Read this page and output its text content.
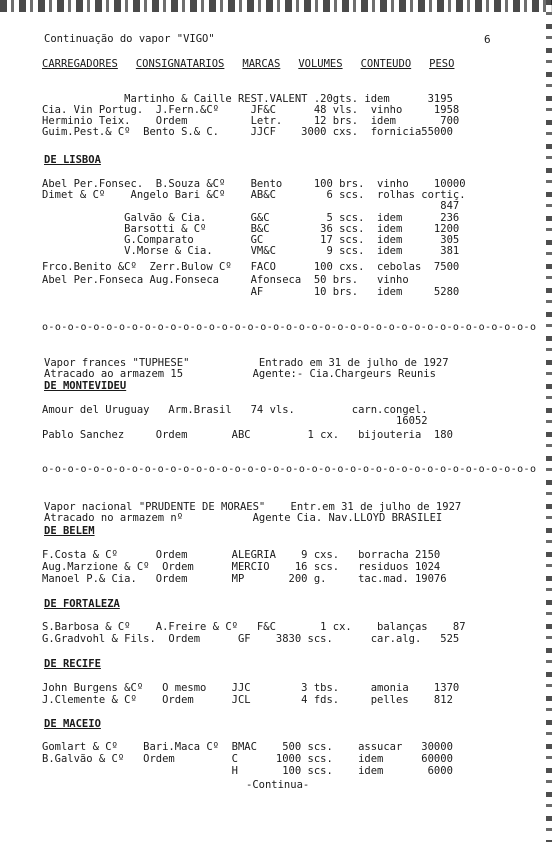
Continuação do vapor "VIGO"	6
CARREGADORES CONSIGNATARIOS MARCAS VOLUMES CONTEUDO PESO
Martinho & Caille REST.VALENT .20gts. idem      3195
Cia. Vin Portug.  J.Fern.&Cº     JF&C      48 vls.  vinho     1958
Herminio Teix.    Ordem          Letr.     12 brs.  idem       700
Guim.Pest.& Cº  Bento S.& C.     JJCF    3000 cxs.  fornicia55000
DE LISBOA
Abel Per.Fonsec.  B.Souza &Cº    Bento     100 brs.  vinho    10000
Dimet & Cº    Angelo Bari &Cº    AB&C        6 scs.  rolhas cortiç.
847
Galvão & Cia.       G&C         5 scs.  idem      236
Barsotti & Cº       B&C        36 scs.  idem     1200
G.Comparato         GC         17 scs.  idem      305
V.Morse & Cia.      VM&C        9 scs.  idem      381
Frco.Benito &Cº  Zerr.Bulow Cº   FACO      100 cxs.  cebolas  7500
Abel Per.Fonseca Aug.Fonseca     Afonseca  50 brs.   vinho
AF        10 brs.   idem     5280
o-o-o-o-o-o-o-o-o-o-o-o-o-o-o-o-o-o-o-o-o-o-o-o-o-o-o-o-o-o-o-o-o-o-o-o-o-o-o
Vapor frances "TUPHESE"           Entrado em 31 de julho de 1927
Atracado ao armazem 15           Agente:- Cia.Chargeurs Reunis
DE MONTEVIDEU
Amour del Uruguay   Arm.Brasil   74 vls.         carn.congel.
16052
Pablo Sanchez     Ordem       ABC         1 cx.   bijouteria  180
o-o-o-o-o-o-o-o-o-o-o-o-o-o-o-o-o-o-o-o-o-o-o-o-o-o-o-o-o-o-o-o-o-o-o-o-o-o-o
Vapor nacional "PRUDENTE DE MORAES"    Entr.em 31 de julho de 1927
Atracado no armazem nº           Agente Cia. Nav.LLOYD BRASILEI
DE BELEM
F.Costa & Cº      Ordem       ALEGRIA    9 cxs.   borracha 2150
Aug.Marzione & Cº  Ordem      MERCIO    16 scs.   residuos 1024
Manoel P.& Cia.   Ordem       MP       200 g.     tac.mad. 19076
DE FORTALEZA
S.Barbosa & Cº    A.Freire & Cº   F&C       1 cx.    balanças    87
G.Gradvohl & Fils.  Ordem      GF    3830 scs.      car.alg.   525
DE RECIFE
John Burgens &Cº   O mesmo    JJC        3 tbs.     amonia    1370
J.Clemente & Cº    Ordem      JCL        4 fds.     pelles    812
DE MACEIO
Gomlart & Cº    Bari.Maca Cº  BMAC    500 scs.    assucar   30000
B.Galvão & Cº   Ordem         C      1000 scs.    idem      60000
H       100 scs.    idem       6000
-Continua-
